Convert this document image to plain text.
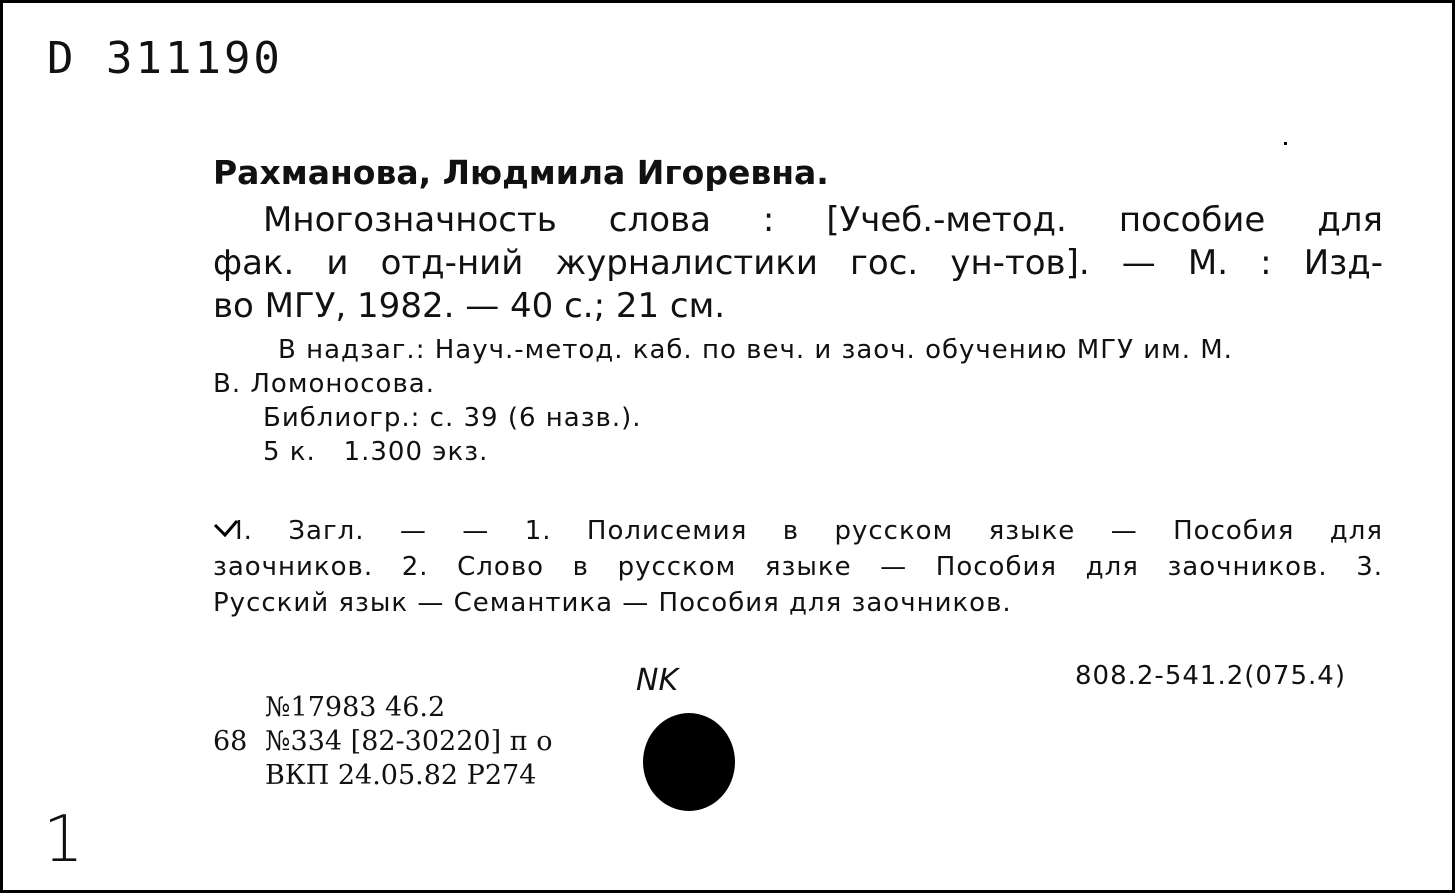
D 311190
Рахманова, Людмила Игоревна.
Многозначность слова : [Учеб.-метод. пособие для
фак. и отд-ний журналистики гос. ун-тов]. — М. : Изд-
во МГУ, 1982. — 40 с.; 21 см.
В надзаг.: Науч.-метод. каб. по веч. и заоч. обучению МГУ им. М.
В. Ломоносова.
Библиогр.: с. 39 (6 назв.).
5 к.   1.300 экз.
I. Загл. — — 1. Полисемия в русском языке — Пособия для
заочников. 2. Слово в русском языке — Пособия для заочников. 3.
Русский язык — Семантика — Пособия для заочников.
NK	808.2-541.2(075.4)
№17983 46.2
68 №334 [82-30220] п о
ВКП 24.05.82 Р274
1
